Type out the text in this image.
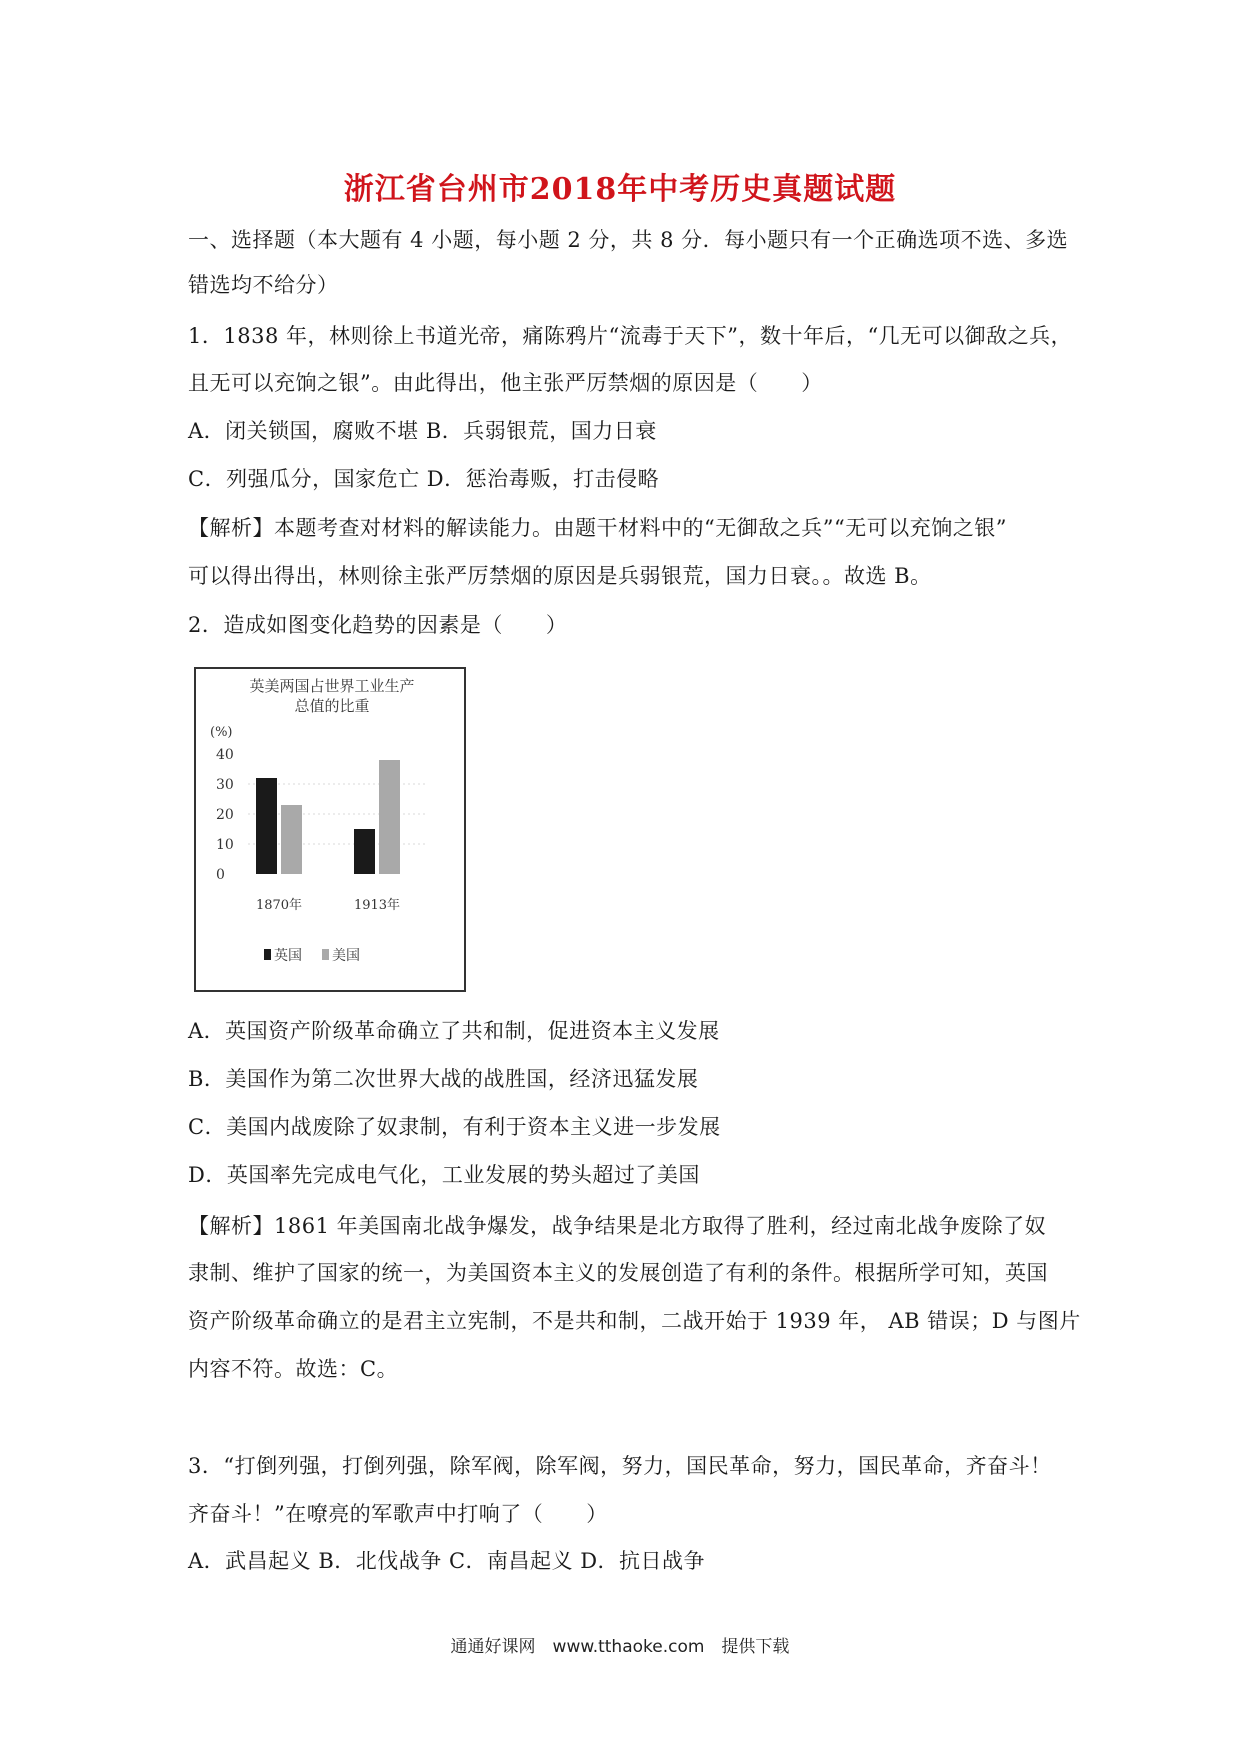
浙江省台州市2018年中考历史真题试题
一、选择题（本大题有 4 小题，每小题 2 分，共 8 分．每小题只有一个正确选项不选、多选
错选均不给分）
1．1838 年，林则徐上书道光帝，痛陈鸦片“流毒于天下”，数十年后，“几无可以御敌之兵，
且无可以充饷之银”。由此得出，他主张严厉禁烟的原因是（　　）
A．闭关锁国，腐败不堪 B．兵弱银荒，国力日衰
C．列强瓜分，国家危亡 D．惩治毒贩，打击侵略
【解析】本题考查对材料的解读能力。由题干材料中的“无御敌之兵”“无可以充饷之银”
可以得出得出，林则徐主张严厉禁烟的原因是兵弱银荒，国力日衰。。故选 B。
2．造成如图变化趋势的因素是（　　）
英美两国占世界工业生产
总值的比重
(%)
0
10
20
30
40
1870年	1913年
英国 美国
A．英国资产阶级革命确立了共和制，促进资本主义发展
B．美国作为第二次世界大战的战胜国，经济迅猛发展
C．美国内战废除了奴隶制，有利于资本主义进一步发展
D．英国率先完成电气化，工业发展的势头超过了美国
【解析】1861 年美国南北战争爆发，战争结果是北方取得了胜利，经过南北战争废除了奴
隶制、维护了国家的统一，为美国资本主义的发展创造了有利的条件。根据所学可知，英国
资产阶级革命确立的是君主立宪制，不是共和制，二战开始于 1939 年， AB 错误；D 与图片
内容不符。故选：C。
3．“打倒列强，打倒列强，除军阀，除军阀，努力，国民革命，努力，国民革命，齐奋斗！
齐奋斗！”在嘹亮的军歌声中打响了（　　）
A．武昌起义 B．北伐战争 C．南昌起义 D．抗日战争
通通好课网　www.tthaoke.com　提供下载
